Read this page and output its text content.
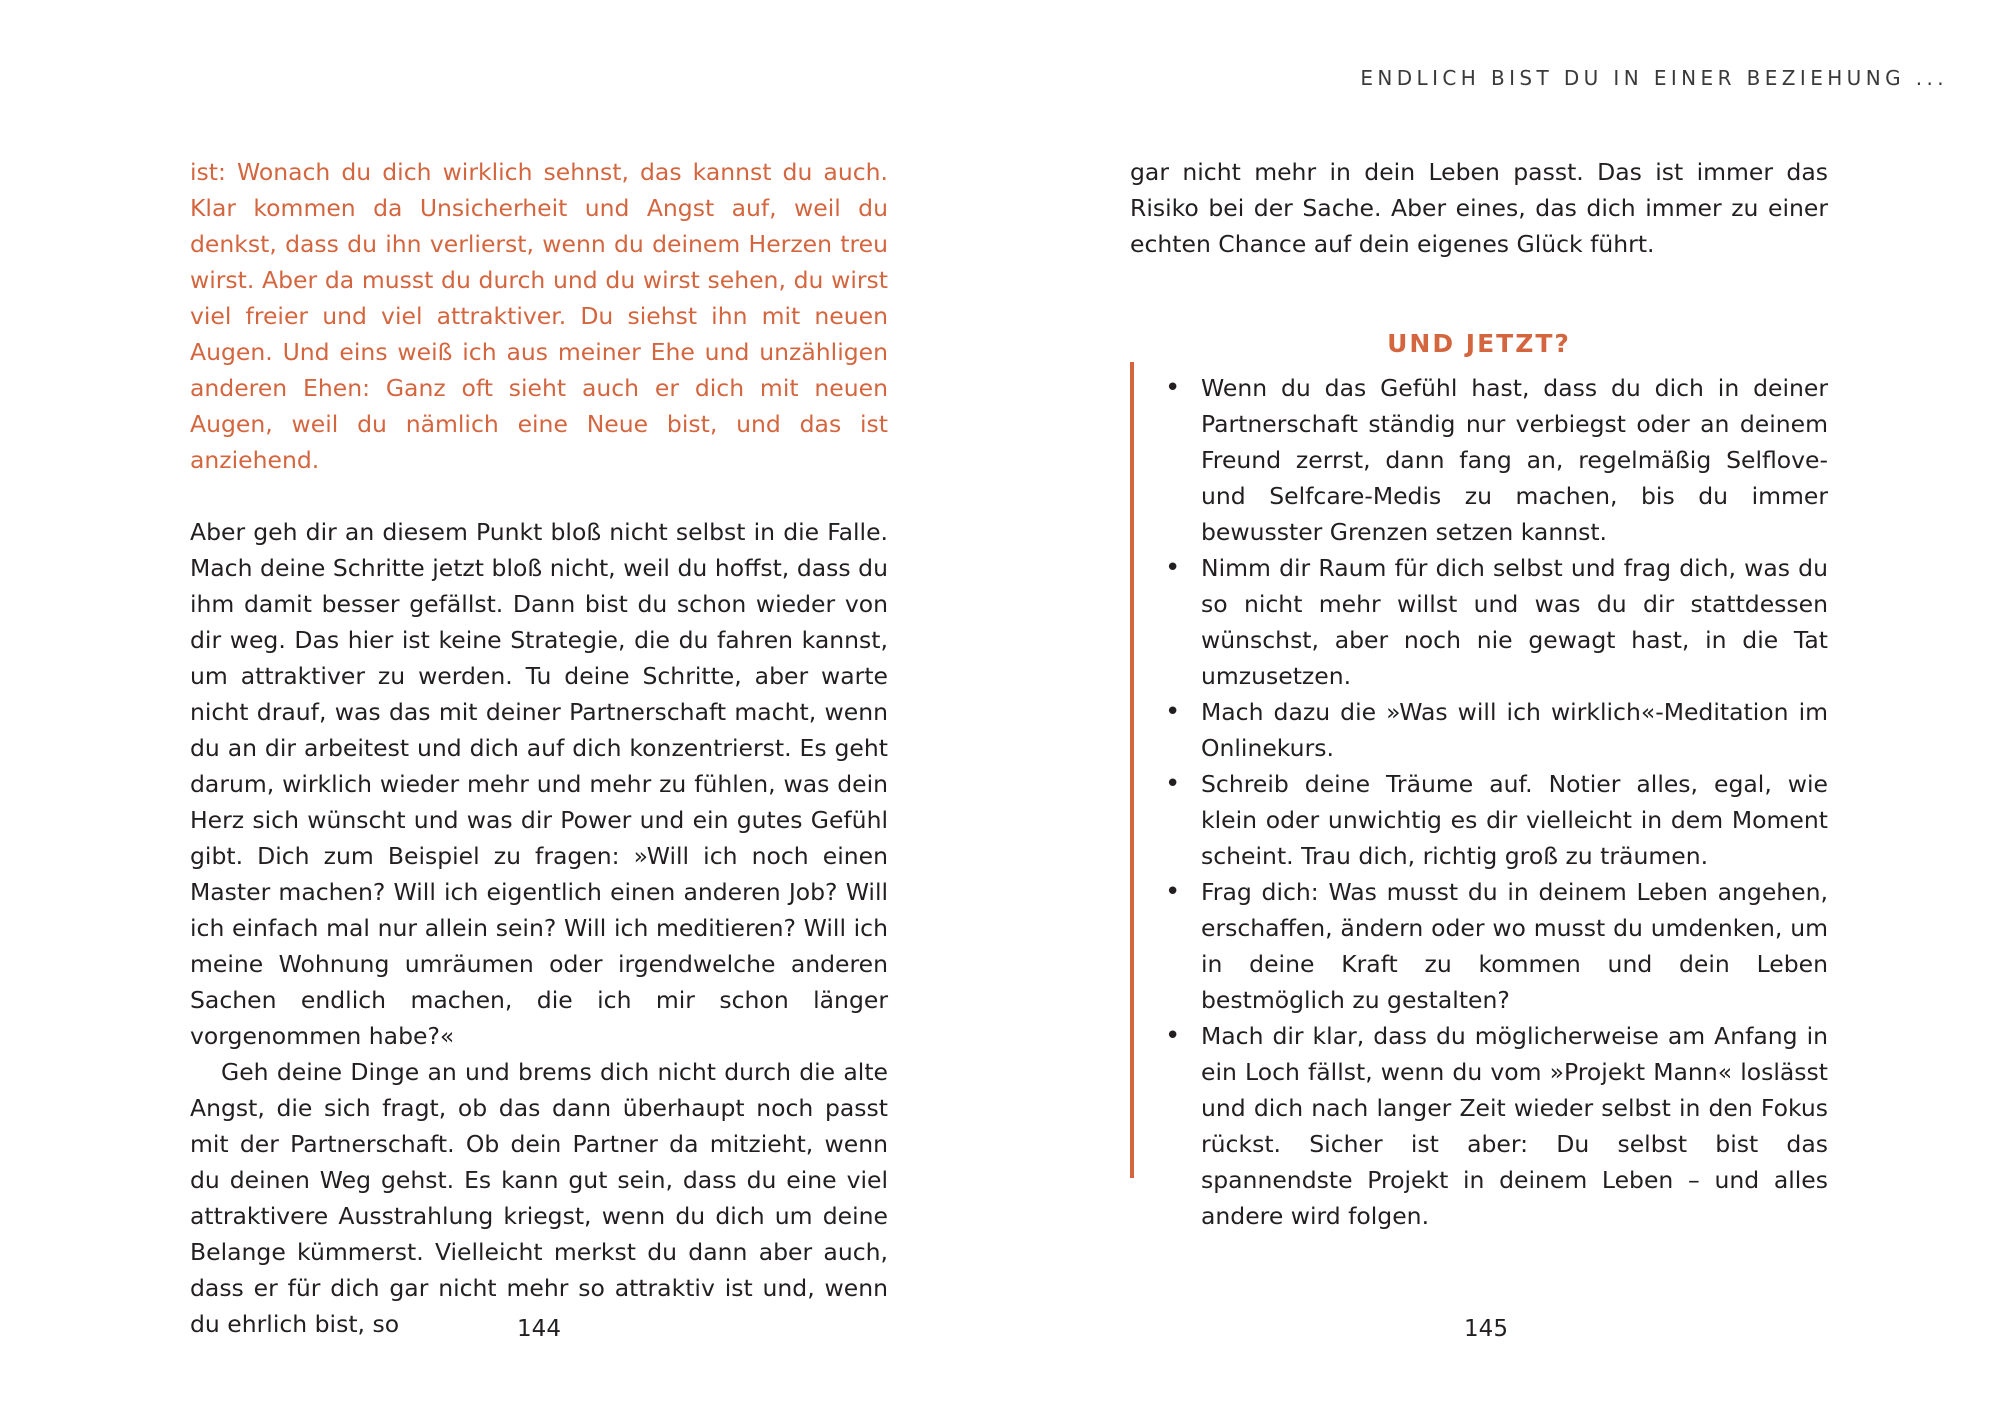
ist: Wonach du dich wirklich sehnst, das kannst du auch. Klar kommen da Unsicherheit und Angst auf, weil du denkst, dass du ihn verlierst, wenn du deinem Herzen treu wirst. Aber da musst du durch und du wirst sehen, du wirst viel freier und viel attraktiver. Du siehst ihn mit neuen Augen. Und eins weiß ich aus meiner Ehe und unzähligen anderen Ehen: Ganz oft sieht auch er dich mit neuen Augen, weil du nämlich eine Neue bist, und das ist anziehend.

Aber geh dir an diesem Punkt bloß nicht selbst in die Falle. Mach deine Schritte jetzt bloß nicht, weil du hoffst, dass du ihm damit besser gefällst. Dann bist du schon wieder von dir weg. Das hier ist keine Strategie, die du fahren kannst, um attraktiver zu werden. Tu deine Schritte, aber warte nicht drauf, was das mit deiner Partnerschaft macht, wenn du an dir arbeitest und dich auf dich konzentrierst. Es geht darum, wirklich wieder mehr und mehr zu fühlen, was dein Herz sich wünscht und was dir Power und ein gutes Gefühl gibt. Dich zum Beispiel zu fragen: »Will ich noch einen Master machen? Will ich eigentlich einen anderen Job? Will ich einfach mal nur allein sein? Will ich meditieren? Will ich meine Wohnung umräumen oder irgendwelche anderen Sachen endlich machen, die ich mir schon länger vorgenommen habe?«

Geh deine Dinge an und brems dich nicht durch die alte Angst, die sich fragt, ob das dann überhaupt noch passt mit der Partnerschaft. Ob dein Partner da mitzieht, wenn du deinen Weg gehst. Es kann gut sein, dass du eine viel attraktivere Ausstrahlung kriegst, wenn du dich um deine Belange kümmerst. Vielleicht merkst du dann aber auch, dass er für dich gar nicht mehr so attraktiv ist und, wenn du ehrlich bist, so	144
ENDLICH BIST DU IN EINER BEZIEHUNG ...

gar nicht mehr in dein Leben passt. Das ist immer das Risiko bei der Sache. Aber eines, das dich immer zu einer echten Chance auf dein eigenes Glück führt.

UND JETZT?
• Wenn du das Gefühl hast, dass du dich in deiner Partnerschaft ständig nur verbiegst oder an deinem Freund zerrst, dann fang an, regelmäßig Selflove- und Selfcare-Medis zu machen, bis du immer bewusster Grenzen setzen kannst.
• Nimm dir Raum für dich selbst und frag dich, was du so nicht mehr willst und was du dir stattdessen wünschst, aber noch nie gewagt hast, in die Tat umzusetzen.
• Mach dazu die »Was will ich wirklich«-Meditation im Onlinekurs.
• Schreib deine Träume auf. Notier alles, egal, wie klein oder unwichtig es dir vielleicht in dem Moment scheint. Trau dich, richtig groß zu träumen.
• Frag dich: Was musst du in deinem Leben angehen, erschaffen, ändern oder wo musst du umdenken, um in deine Kraft zu kommen und dein Leben bestmöglich zu gestalten?
• Mach dir klar, dass du möglicherweise am Anfang in ein Loch fällst, wenn du vom »Projekt Mann« loslässt und dich nach langer Zeit wieder selbst in den Fokus rückst. Sicher ist aber: Du selbst bist das spannendste Projekt in deinem Leben – und alles andere wird folgen.
145
